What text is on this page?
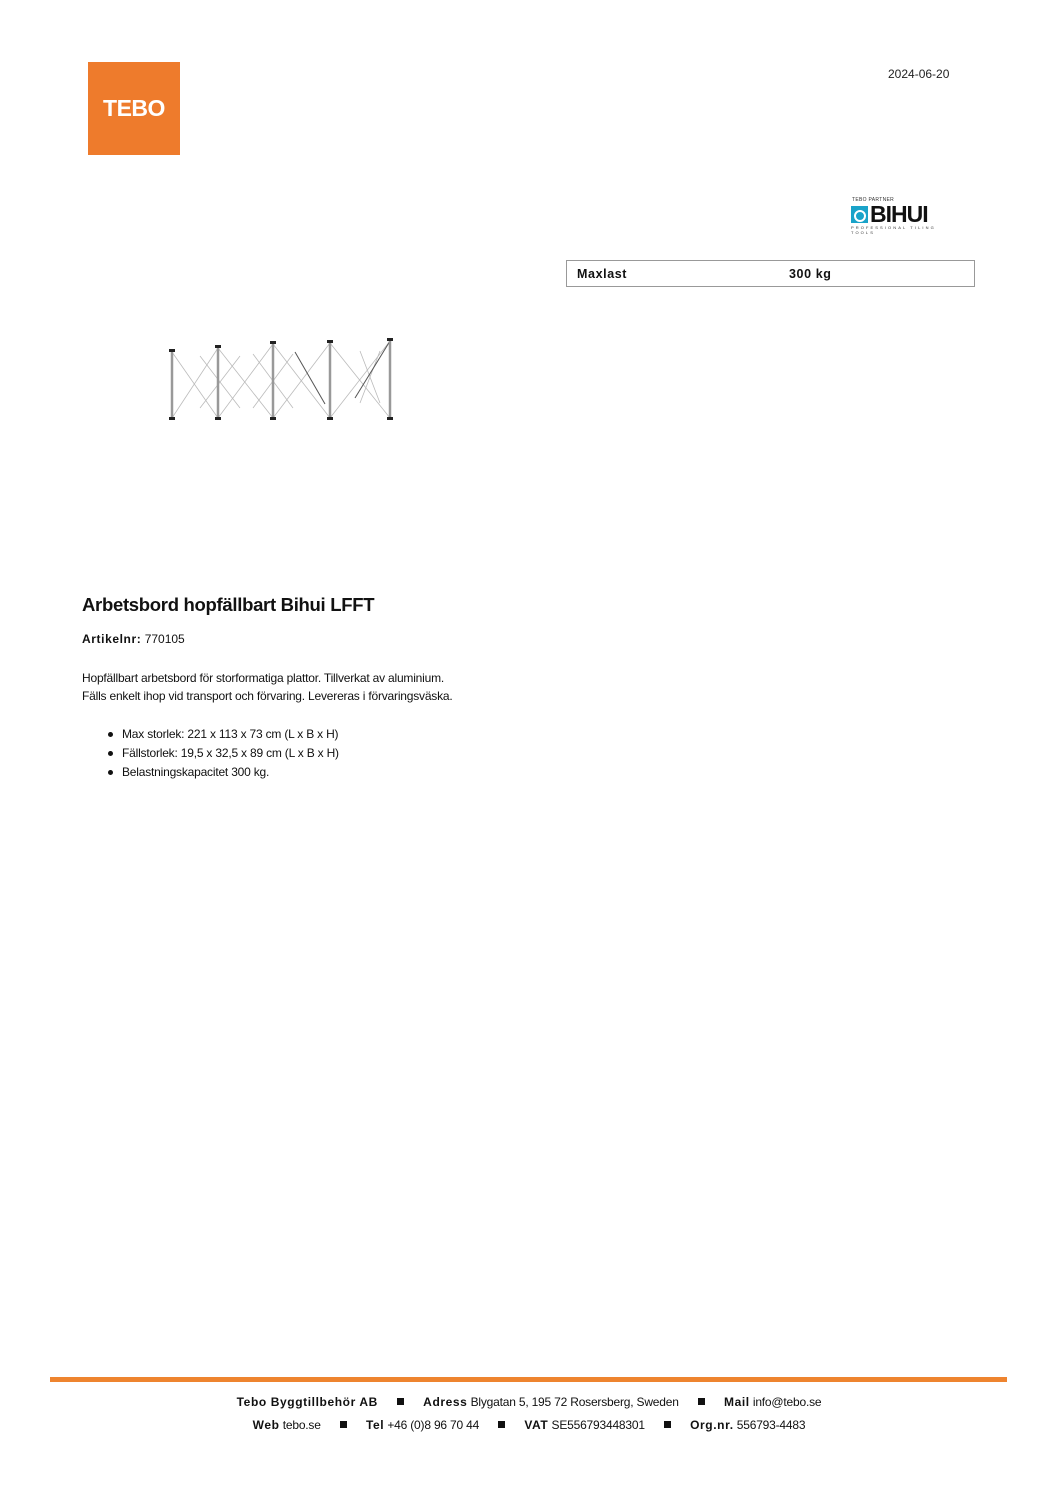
TEBO
2024-06-20
TEBO PARTNER
BIHUI
PROFESSIONAL TILING TOOLS
Maxlast	300 kg
Arbetsbord hopfällbart Bihui LFFT
Artikelnr: 770105
Hopfällbart arbetsbord för storformatiga plattor. Tillverkat av aluminium.
Fälls enkelt ihop vid transport och förvaring. Levereras i förvaringsväska.
Max storlek: 221 x 113 x 73 cm (L x B x H)
Fällstorlek: 19,5 x 32,5 x 89 cm (L x B x H)
Belastningskapacitet 300 kg.
Tebo Byggtillbehör AB	Adress Blygatan 5, 195 72 Rosersberg, Sweden	Mail info@tebo.se
Web tebo.se	Tel +46 (0)8 96 70 44	VAT SE556793448301	Org.nr. 556793-4483
